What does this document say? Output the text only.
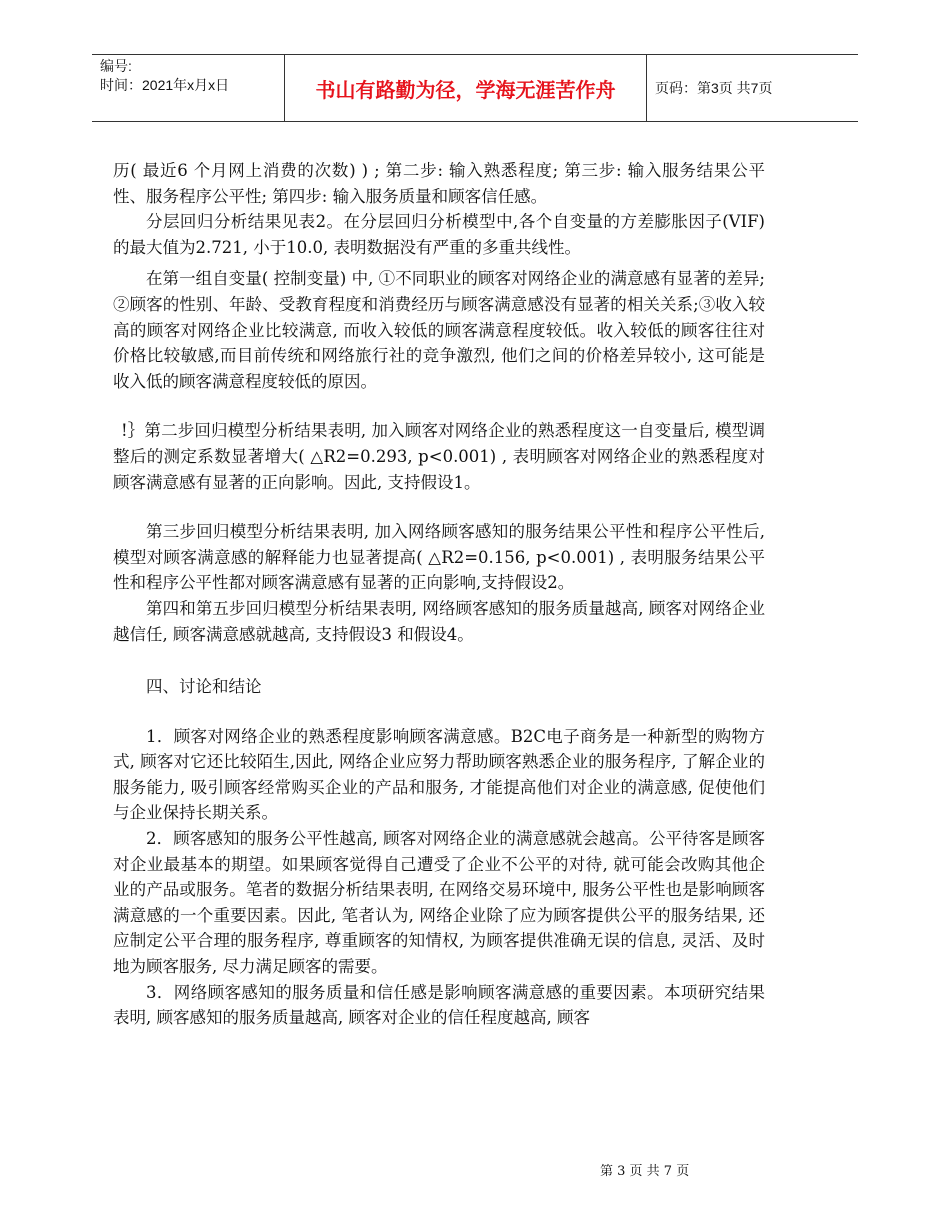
编号:
时间：2021年x月x日	书山有路勤为径，学海无涯苦作舟	页码：第3页 共7页

历( 最近6 个月网上消费的次数) ) ; 第二步: 输入熟悉程度; 第三步: 输入服务结果公平性、服务程序公平性; 第四步: 输入服务质量和顾客信任感。

分层回归分析结果见表2。在分层回归分析模型中,各个自变量的方差膨胀因子(VIF) 的最大值为2.721, 小于10.0, 表明数据没有严重的多重共线性。

在第一组自变量( 控制变量) 中, ①不同职业的顾客对网络企业的满意感有显著的差异; ②顾客的性别、年龄、受教育程度和消费经历与顾客满意感没有显著的相关关系;③收入较高的顾客对网络企业比较满意, 而收入较低的顾客满意程度较低。收入较低的顾客往往对价格比较敏感,而目前传统和网络旅行社的竞争激烈, 他们之间的价格差异较小, 这可能是收入低的顾客满意程度较低的原因。

!｝第二步回归模型分析结果表明, 加入顾客对网络企业的熟悉程度这一自变量后, 模型调整后的测定系数显著增大( △R2=0.293, p<0.001) , 表明顾客对网络企业的熟悉程度对顾客满意感有显著的正向影响。因此, 支持假设1。

第三步回归模型分析结果表明, 加入网络顾客感知的服务结果公平性和程序公平性后, 模型对顾客满意感的解释能力也显著提高( △R2=0.156, p<0.001) , 表明服务结果公平性和程序公平性都对顾客满意感有显著的正向影响,支持假设2。

第四和第五步回归模型分析结果表明, 网络顾客感知的服务质量越高, 顾客对网络企业越信任, 顾客满意感就越高, 支持假设3 和假设4。

四、讨论和结论

1．顾客对网络企业的熟悉程度影响顾客满意感。B2C电子商务是一种新型的购物方式, 顾客对它还比较陌生,因此, 网络企业应努力帮助顾客熟悉企业的服务程序, 了解企业的服务能力, 吸引顾客经常购买企业的产品和服务, 才能提高他们对企业的满意感, 促使他们与企业保持长期关系。

2．顾客感知的服务公平性越高, 顾客对网络企业的满意感就会越高。公平待客是顾客对企业最基本的期望。如果顾客觉得自己遭受了企业不公平的对待, 就可能会改购其他企业的产品或服务。笔者的数据分析结果表明, 在网络交易环境中, 服务公平性也是影响顾客满意感的一个重要因素。因此, 笔者认为, 网络企业除了应为顾客提供公平的服务结果, 还应制定公平合理的服务程序, 尊重顾客的知情权, 为顾客提供准确无误的信息, 灵活、及时地为顾客服务, 尽力满足顾客的需要。

3．网络顾客感知的服务质量和信任感是影响顾客满意感的重要因素。本项研究结果表明, 顾客感知的服务质量越高, 顾客对企业的信任程度越高, 顾客

第 3 页 共 7 页
